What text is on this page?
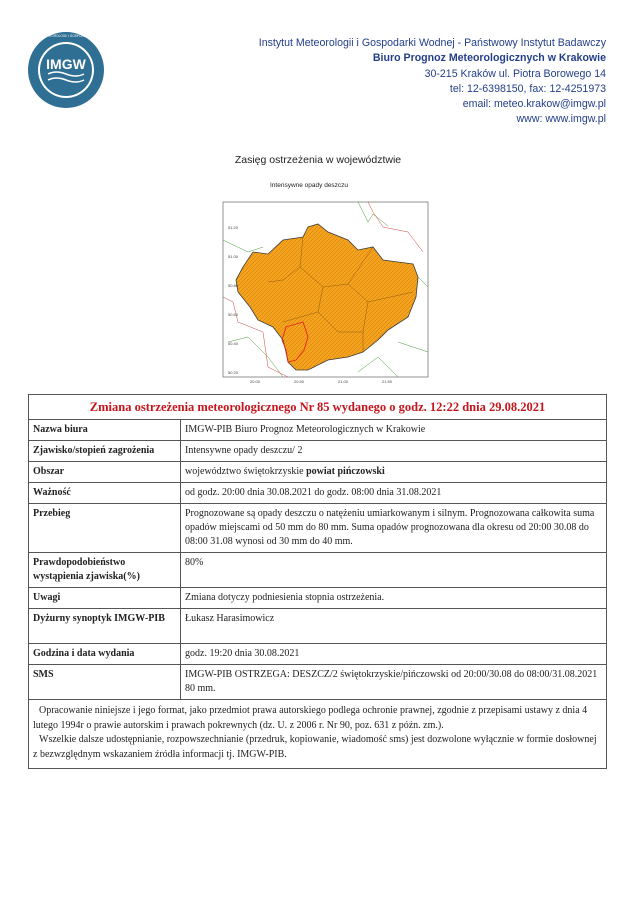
IMGW
INSTYTUT METEOROLOGII I GOSPODARKI WODNEJ
Instytut Meteorologii i Gospodarki Wodnej - Państwowy Instytut Badawczy
Biuro Prognoz Meteorologicznych w Krakowie
30-215 Kraków ul. Piotra Borowego 14
tel: 12-6398150, fax: 12-4251973
email: meteo.krakow@imgw.pl
www: www.imgw.pl
Zasięg ostrzeżenia w województwie
Intensywne opady deszczu
51.20
51.00
50.80
50.60
50.40
50.20
20.00	20.50	21.00	21.50
Zmiana ostrzeżenia meteorologicznego Nr 85 wydanego o godz. 12:22 dnia 29.08.2021	
Nazwa biura	IMGW-PIB Biuro Prognoz Meteorologicznych w Krakowie
Zjawisko/stopień zagrożenia	Intensywne opady deszczu/ 2
Obszar	województwo świętokrzyskie powiat pińczowski
Ważność	od godz. 20:00 dnia 30.08.2021 do godz. 08:00 dnia 31.08.2021
Przebieg	Prognozowane są opady deszczu o natężeniu umiarkowanym i silnym. Prognozowana całkowita suma opadów miejscami od 50 mm do 80 mm. Suma opadów prognozowana dla okresu od 20:00 30.08 do 08:00 31.08 wynosi od 30 mm do 40 mm.
Prawdopodobieństwo wystąpienia zjawiska(%)	80%
Uwagi	Zmiana dotyczy podniesienia stopnia ostrzeżenia.
Dyżurny synoptyk IMGW-PIB	Łukasz Harasimowicz
Godzina i data wydania	godz. 19:20 dnia 30.08.2021
SMS	IMGW-PIB OSTRZEGA: DESZCZ/2 świętokrzyskie/pińczowski od 20:00/30.08 do 08:00/31.08.2021 80 mm.

Opracowanie niniejsze i jego format, jako przedmiot prawa autorskiego podlega ochronie prawnej, zgodnie z przepisami ustawy z dnia 4 lutego 1994r o prawie autorskim i prawach pokrewnych (dz. U. z 2006 r. Nr 90, poz. 631 z późn. zm.).
Wszelkie dalsze udostępnianie, rozpowszechnianie (przedruk, kopiowanie, wiadomość sms) jest dozwolone wyłącznie w formie dosłownej z bezwzględnym wskazaniem źródła informacji tj. IMGW-PIB.	
